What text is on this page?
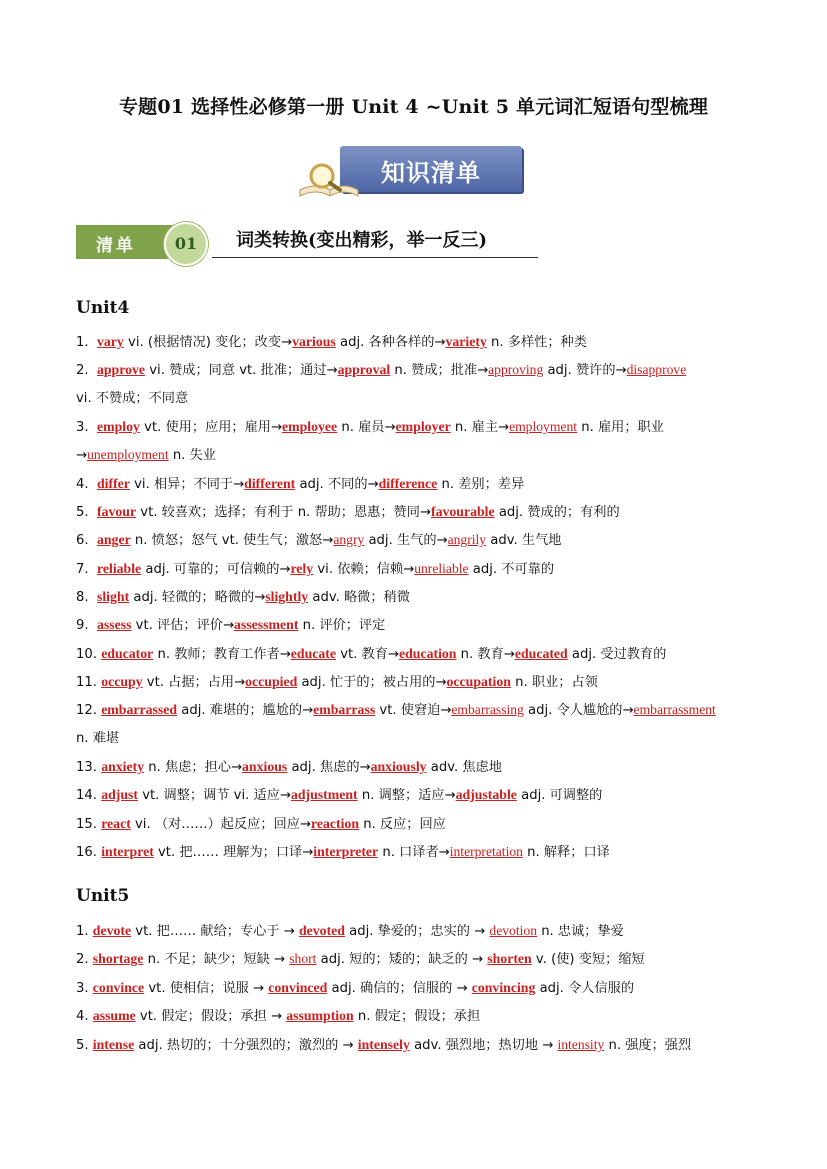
专题01 选择性必修第一册 Unit 4 ~Unit 5 单元词汇短语句型梳理
知识清单
清单	01	词类转换(变出精彩，举一反三)
Unit4
1. vary vi. (根据情况) 变化；改变→various adj. 各种各样的→variety n. 多样性；种类
2. approve vi. 赞成；同意 vt. 批准；通过→approval n. 赞成；批准→approving adj. 赞许的→disapprove
vi. 不赞成；不同意
3. employ vt. 使用；应用；雇用→employee n. 雇员→employer n. 雇主→employment n. 雇用；职业
→unemployment n. 失业
4. differ vi. 相异；不同于→different adj. 不同的→difference n. 差别；差异
5. favour vt. 较喜欢；选择；有利于 n. 帮助；恩惠；赞同→favourable adj. 赞成的；有利的
6. anger n. 愤怒；怒气 vt. 使生气；激怒→angry adj. 生气的→angrily adv. 生气地
7. reliable adj. 可靠的；可信赖的→rely vi. 依赖；信赖→unreliable adj. 不可靠的
8. slight adj. 轻微的；略微的→slightly adv. 略微；稍微
9. assess vt. 评估；评价→assessment n. 评价；评定
10. educator n. 教师；教育工作者→educate vt. 教育→education n. 教育→educated adj. 受过教育的
11. occupy vt. 占据；占用→occupied adj. 忙于的；被占用的→occupation n. 职业；占领
12. embarrassed adj. 难堪的；尴尬的→embarrass vt. 使窘迫→embarrassing adj. 令人尴尬的→embarrassment
n. 难堪
13. anxiety n. 焦虑；担心→anxious adj. 焦虑的→anxiously adv. 焦虑地
14. adjust vt. 调整；调节 vi. 适应→adjustment n. 调整；适应→adjustable adj. 可调整的
15. react vi. （对……）起反应；回应→reaction n. 反应；回应
16. interpret vt. 把…… 理解为；口译→interpreter n. 口译者→interpretation n. 解释；口译
Unit5
1. devote vt. 把…… 献给；专心于 → devoted adj. 挚爱的；忠实的 → devotion n. 忠诚；挚爱
2. shortage n. 不足；缺少；短缺 → short adj. 短的；矮的；缺乏的 → shorten v. (使) 变短；缩短
3. convince vt. 使相信；说服 → convinced adj. 确信的；信服的 → convincing adj. 令人信服的
4. assume vt. 假定；假设；承担 → assumption n. 假定；假设；承担
5. intense adj. 热切的；十分强烈的；激烈的 → intensely adv. 强烈地；热切地 → intensity n. 强度；强烈
